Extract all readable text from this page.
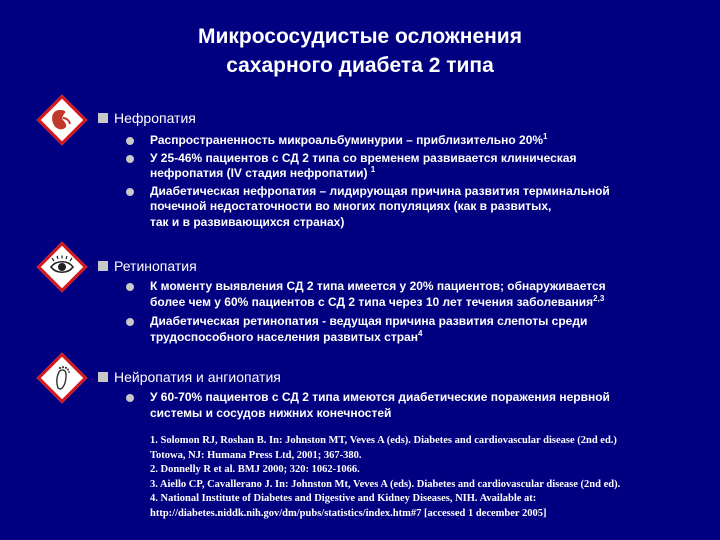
Микрососудистые осложнения
сахарного диабета 2 типа
Нефропатия
Распространенность микроальбуминурии – приблизительно 20%$^1$
У 25-46% пациентов с СД 2 типа со временем развивается клиническая
нефропатия (IV стадия нефропатии) $^1$
Диабетическая нефропатия – лидирующая причина развития терминальной
почечной недостаточности во многих популяциях (как в развитых,
так и в развивающихся странах)
Ретинопатия
К моменту выявления СД 2 типа имеется у 20% пациентов; обнаруживается
более чем у 60% пациентов с СД 2 типа через 10 лет течения заболевания$^{2,3}$
Диабетическая ретинопатия - ведущая причина развития слепоты среди
трудоспособного населения развитых стран$^4$
Нейропатия и ангиопатия
У 60-70% пациентов с СД 2 типа имеются диабетические поражения нервной
системы и сосудов нижних конечностей
1. Solomon RJ, Roshan B. In: Johnston MT, Veves A (eds). Diabetes and cardiovascular disease (2nd ed.)
Totowa, NJ: Humana Press Ltd, 2001; 367-380.
2. Donnelly R et al. BMJ 2000; 320: 1062-1066.
3. Aiello CP, Cavallerano J. In: Johnston Mt, Veves A (eds). Diabetes and cardiovascular disease (2nd ed).
4. National Institute of Diabetes and Digestive and Kidney Diseases, NIH. Available at:
http://diabetes.niddk.nih.gov/dm/pubs/statistics/index.htm#7 [accessed 1 december 2005]
